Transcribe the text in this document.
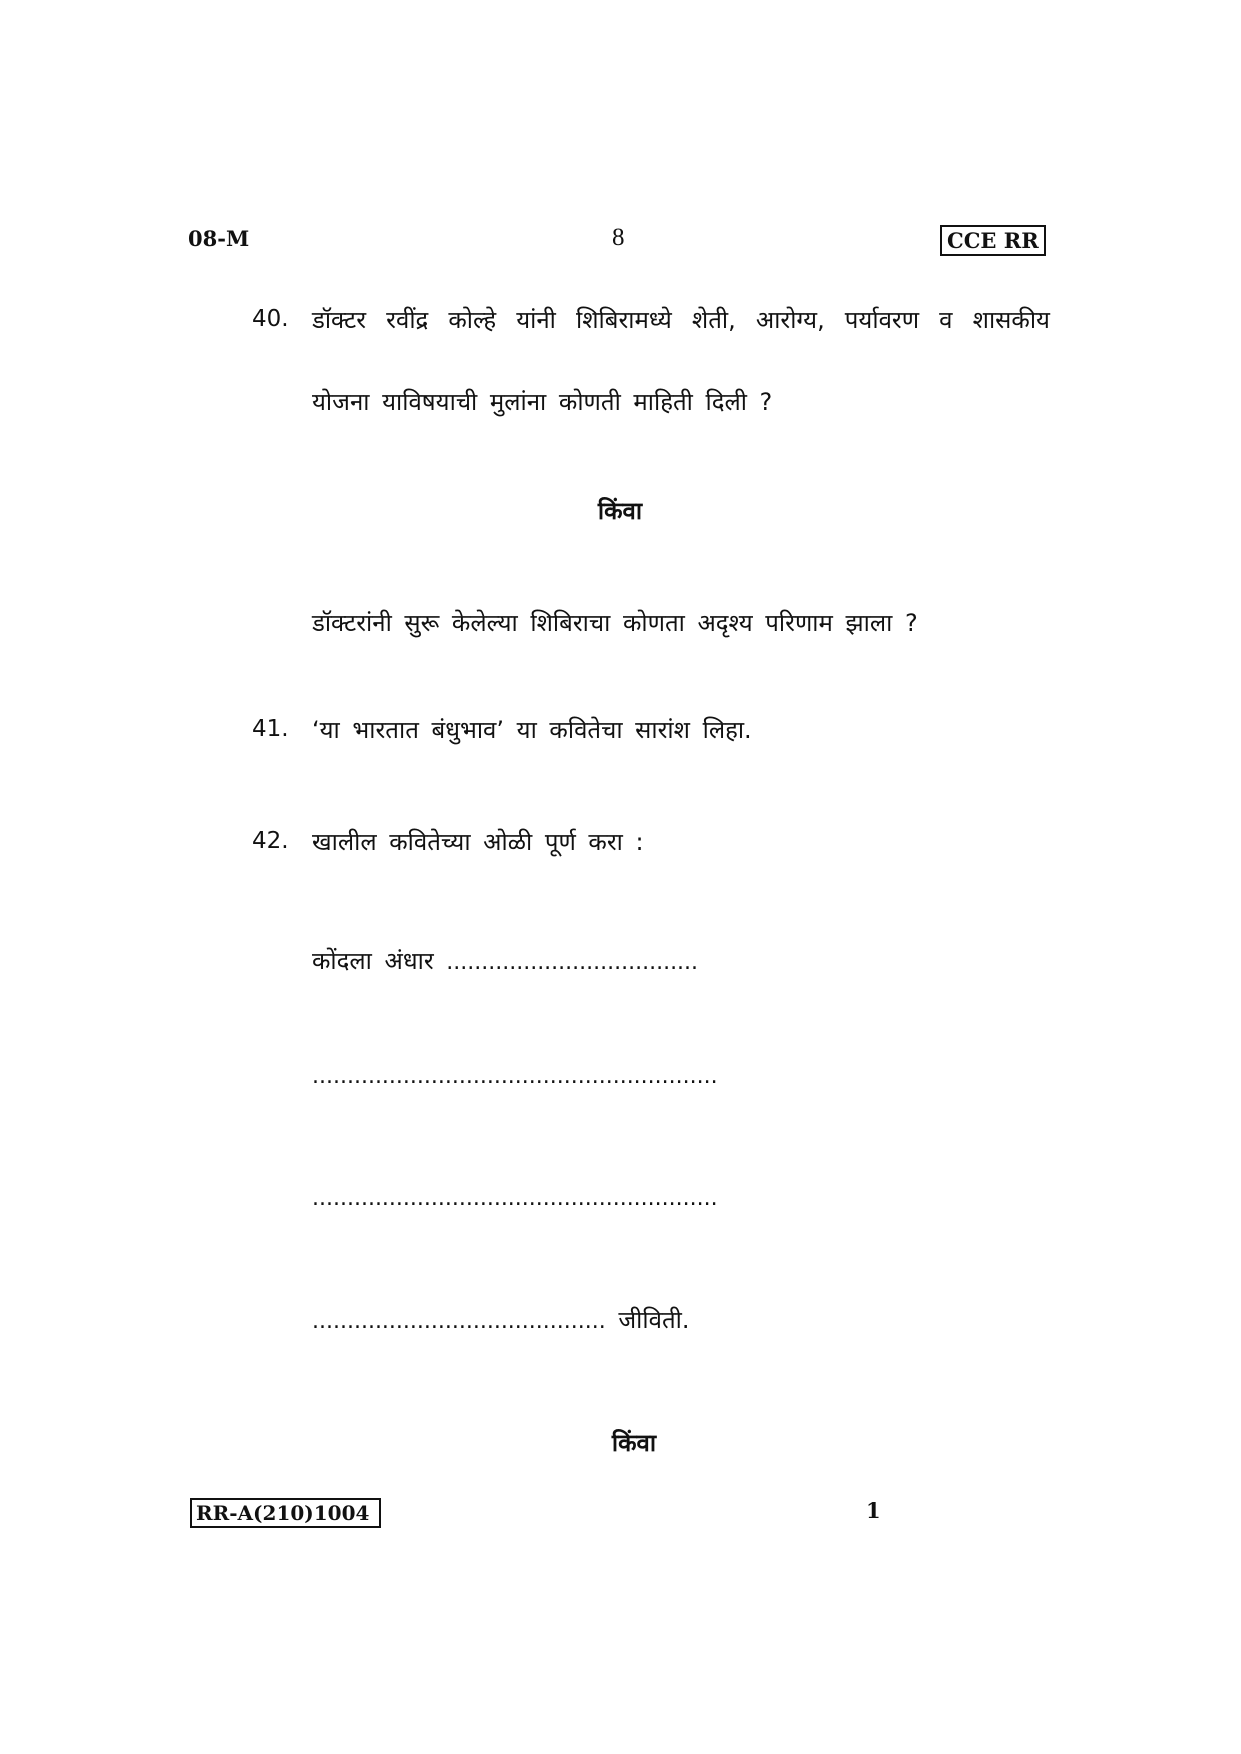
08-M	8	CCE RR
40. डॉक्टर रवींद्र कोल्हे यांनी शिबिरामध्ये शेती, आरोग्य, पर्यावरण व शासकीय
योजना याविषयाची मुलांना कोणती माहिती दिली ?
किंवा
डॉक्टरांनी सुरू केलेल्या शिबिराचा कोणता अदृश्य परिणाम झाला ?
41. ‘या भारतात बंधुभाव’ या कवितेचा सारांश लिहा.
42. खालील कवितेच्या ओळी पूर्ण करा :
कोंदला अंधार ....................................
..........................................................
..........................................................
.......................................... जीविती.
किंवा
RR-A(210)1004	1
